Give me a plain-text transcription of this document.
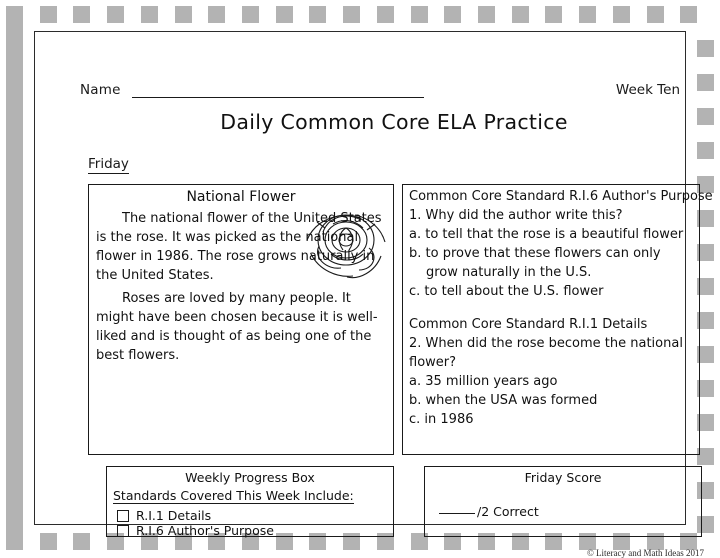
Name	Week Ten
Daily Common Core ELA Practice
Friday
National Flower
The national flower of the United States is the rose. It was picked as the national flower in 1986. The rose grows naturally in the United States.
Roses are loved by many people. It might have been chosen because it is well-liked and is thought of as being one of the best flowers.
Common Core Standard R.I.6 Author's Purpose
1. Why did the author write this?
a. to tell that the rose is a beautiful flower
b. to prove that these flowers can only
grow naturally in the U.S.
c. to tell about the U.S. flower
Common Core Standard R.I.1 Details
2. When did the rose become the national
flower?
a. 35 million years ago
b. when the USA was formed
c. in 1986
Weekly Progress Box
Standards Covered This Week Include:
R.I.1 Details
R.I.6 Author's Purpose
Friday Score
/2 Correct
© Literacy and Math Ideas 2017
